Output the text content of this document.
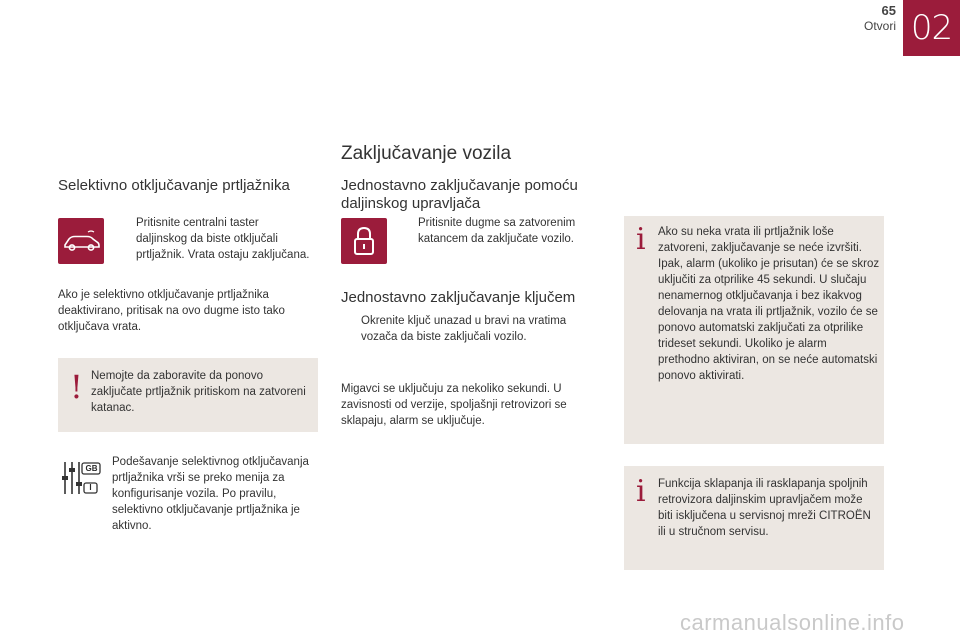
65
Otvori 02
Zaključavanje vozila
Selektivno otključavanje prtljažnika
Pritisnite centralni taster daljinskog da biste otključali prtljažnik. Vrata ostaju zaključana.
Ako je selektivno otključavanje prtljažnika deaktivirano, pritisak na ovo dugme isto tako otključava vrata.
! Nemojte da zaboravite da ponovo zaključate prtljažnik pritiskom na zatvoreni katanac.
GB
I
Podešavanje selektivnog otključavanja prtljažnika vrši se preko menija za konfigurisanje vozila. Po pravilu, selektivno otključavanje prtljažnika je aktivno.
Jednostavno zaključavanje pomoću daljinskog upravljača
Pritisnite dugme sa zatvorenim katancem da zaključate vozilo.
Jednostavno zaključavanje ključem
Okrenite ključ unazad u bravi na vratima vozača da biste zaključali vozilo.
Migavci se uključuju za nekoliko sekundi. U zavisnosti od verzije, spoljašnji retrovizori se sklapaju, alarm se uključuje.
i Ako su neka vrata ili prtljažnik loše zatvoreni, zaključavanje se neće izvršiti. Ipak, alarm (ukoliko je prisutan) će se skroz uključiti za otprilike 45 sekundi. U slučaju nenamernog otključavanja i bez ikakvog delovanja na vrata ili prtljažnik, vozilo će se ponovo automatski zaključati za otprilike trideset sekundi. Ukoliko je alarm prethodno aktiviran, on se neće automatski ponovo aktivirati.
i Funkcija sklapanja ili rasklapanja spoljnih retrovizora daljinskim upravljačem može biti isključena u servisnoj mreži CITROËN ili u stručnom servisu.
carmanualsonline.info
